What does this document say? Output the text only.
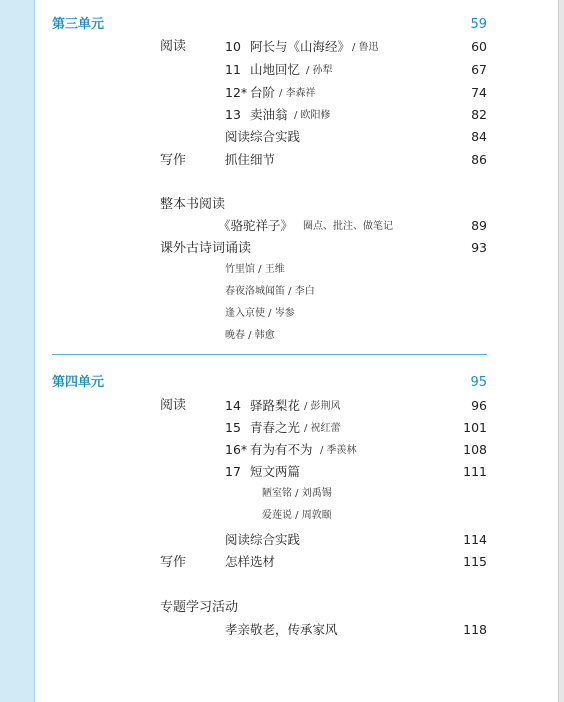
第三单元	59
阅读	10 阿长与《山海经》 / 鲁迅	60
11 山地回忆 / 孙犁	67
12* 台阶 / 李森祥	74
13 卖油翁 / 欧阳修	82
阅读综合实践	84
写作	抓住细节	86
整本书阅读
《骆驼祥子》 圈点、批注、做笔记	89
课外古诗词诵读	93
竹里馆 / 王维
春夜洛城闻笛 / 李白
逢入京使 / 岑参
晚春 / 韩愈
第四单元	95
阅读	14 驿路梨花 / 彭荆风	96
15 青春之光 / 祝红蕾	101
16* 有为有不为 / 季羡林	108
17 短文两篇	111
陋室铭 / 刘禹锡
爱莲说 / 周敦颐
阅读综合实践	114
写作	怎样选材	115
专题学习活动
孝亲敬老，传承家风	118
